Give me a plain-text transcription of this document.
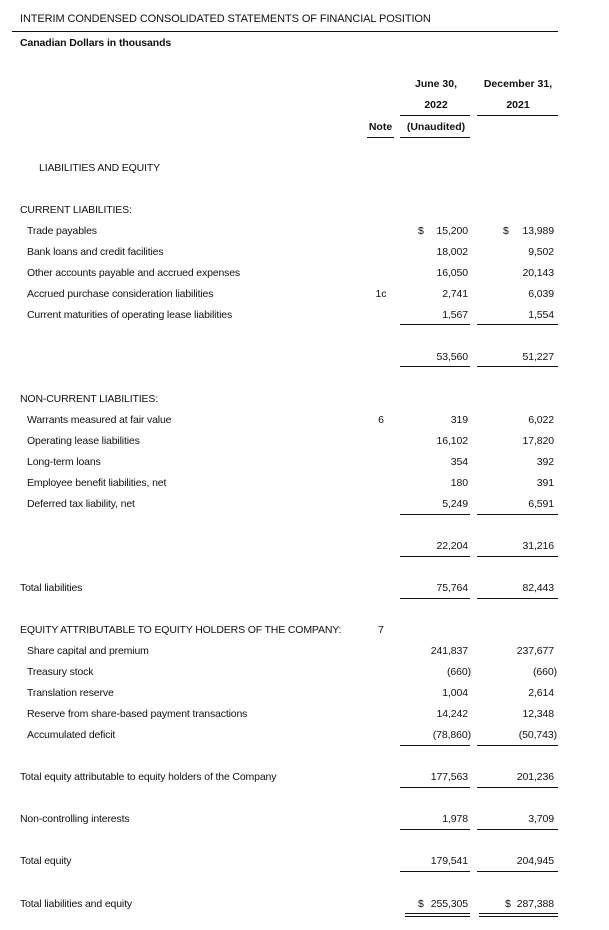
INTERIM CONDENSED CONSOLIDATED STATEMENTS OF FINANCIAL POSITION
Canadian Dollars in thousands
June 30,	December 31,
2022	2021
Note	(Unaudited)
LIABILITIES AND EQUITY
CURRENT LIABILITIES:
Trade payables	$	15,200	$	13,989
Bank loans and credit facilities	18,002	9,502
Other accounts payable and accrued expenses	16,050	20,143
Accrued purchase consideration liabilities	1c	2,741	6,039
Current maturities of operating lease liabilities	1,567	1,554
53,560	51,227
NON-CURRENT LIABILITIES:
Warrants measured at fair value	6	319	6,022
Operating lease liabilities	16,102	17,820
Long-term loans	354	392
Employee benefit liabilities, net	180	391
Deferred tax liability, net	5,249	6,591
22,204	31,216
Total liabilities	75,764	82,443
EQUITY ATTRIBUTABLE TO EQUITY HOLDERS OF THE COMPANY:	7
Share capital and premium	241,837	237,677
Treasury stock	(660)	(660)
Translation reserve	1,004	2,614
Reserve from share-based payment transactions	14,242	12,348
Accumulated deficit	(78,860)	(50,743)
Total equity attributable to equity holders of the Company	177,563	201,236
Non-controlling interests	1,978	3,709
Total equity	179,541	204,945
Total liabilities and equity	$ 255,305	$ 287,388
